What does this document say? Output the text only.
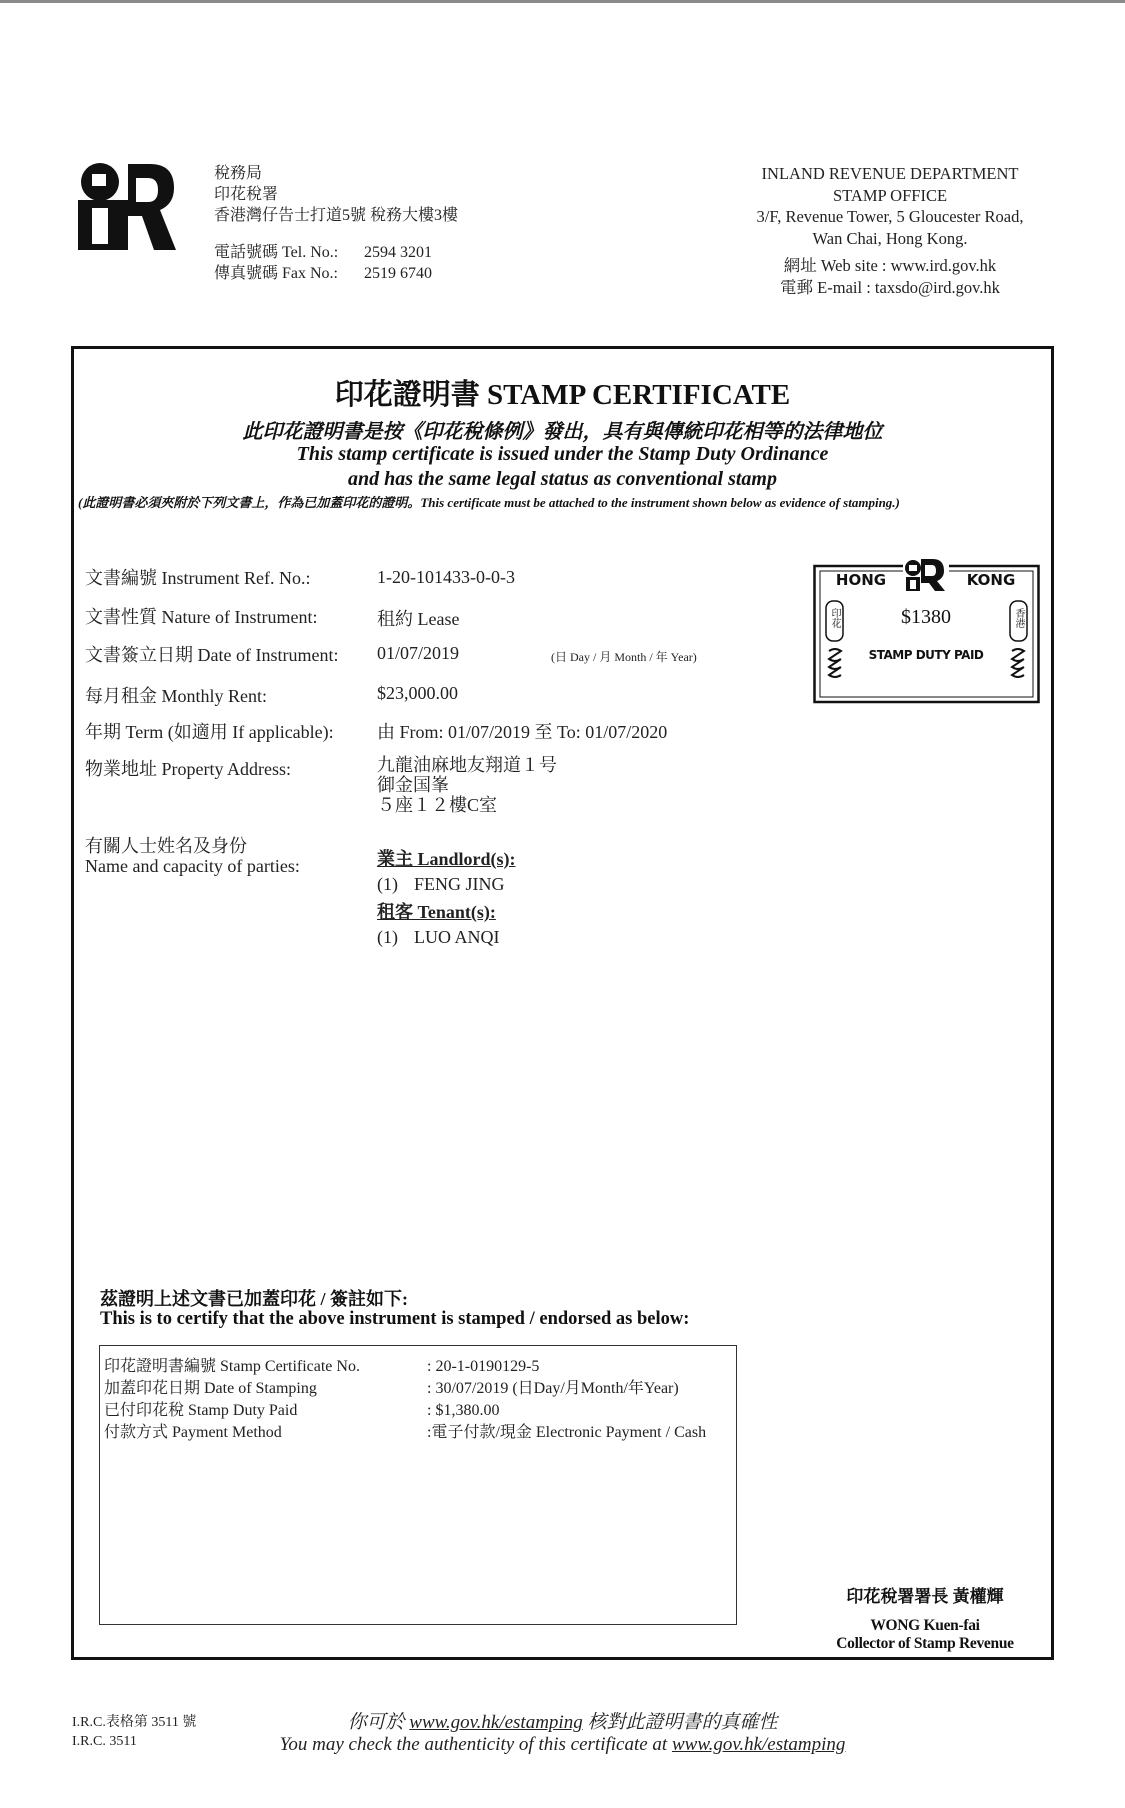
稅務局
印花稅署
香港灣仔告士打道5號 稅務大樓3樓
電話號碼 Tel. No.:	2594 3201
傳真號碼 Fax No.:	2519 6740
INLAND REVENUE DEPARTMENT
STAMP OFFICE
3/F, Revenue Tower, 5 Gloucester Road,
Wan Chai, Hong Kong.
網址 Web site : www.ird.gov.hk
電郵 E-mail : taxsdo@ird.gov.hk
印花證明書 STAMP CERTIFICATE
此印花證明書是按《印花稅條例》發出，具有與傳統印花相等的法律地位
This stamp certificate is issued under the Stamp Duty Ordinance
and has the same legal status as conventional stamp
(此證明書必須夾附於下列文書上，作為已加蓋印花的證明。This certificate must be attached to the instrument shown below as evidence of stamping.)
文書編號 Instrument Ref. No.:	1-20-101433-0-0-3
文書性質 Nature of Instrument:	租約 Lease
文書簽立日期 Date of Instrument: 01/07/2019	(日 Day / 月 Month / 年 Year)
每月租金 Monthly Rent:	$23,000.00
年期 Term (如適用 If applicable): 由 From: 01/07/2019 至 To: 01/07/2020
物業地址 Property Address:	九龍油麻地友翔道１号
御金国峯
５座１２樓C室
有關人士姓名及身份
Name and capacity of parties:	業主 Landlord(s):
(1) FENG JING
租客 Tenant(s):
(1) LUO ANQI
HONG	KONG
$1380
STAMP DUTY PAID
印花	香港
茲證明上述文書已加蓋印花 / 簽註如下:
This is to certify that the above instrument is stamped / endorsed as below:
印花證明書編號 Stamp Certificate No.	: 20-1-0190129-5
加蓋印花日期 Date of Stamping	: 30/07/2019 (日Day/月Month/年Year)
已付印花稅 Stamp Duty Paid	: $1,380.00
付款方式 Payment Method	:電子付款/現金 Electronic Payment / Cash
印花稅署署長 黃權輝
WONG Kuen-fai
Collector of Stamp Revenue
I.R.C.表格第 3511 號
I.R.C. 3511
你可於 www.gov.hk/estamping 核對此證明書的真確性
You may check the authenticity of this certificate at www.gov.hk/estamping
